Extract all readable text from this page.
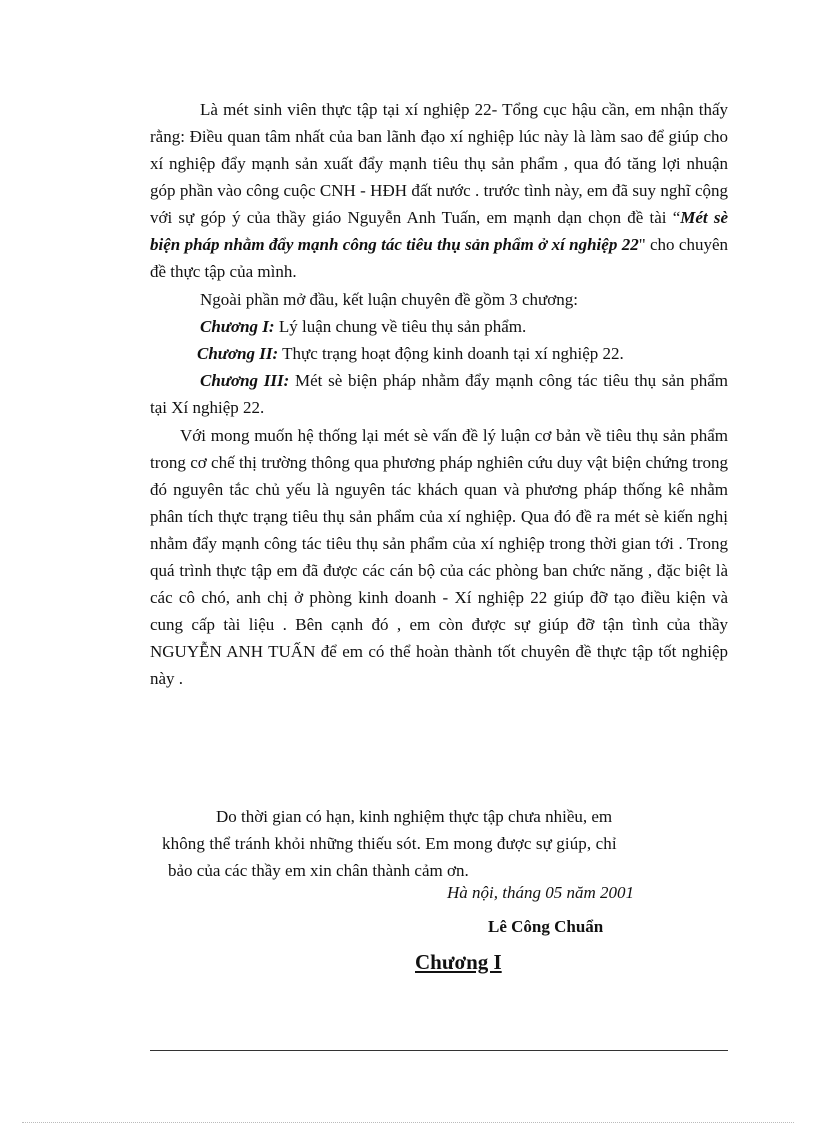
Là mét sinh viên thực tập tại xí nghiệp 22- Tổng cục hậu cần, em nhận thấy rằng: Điều quan tâm nhất của ban lãnh đạo xí nghiệp lúc này là làm sao để giúp cho xí nghiệp đẩy mạnh sản xuất đẩy mạnh tiêu thụ sản phẩm , qua đó tăng lợi nhuận góp phần vào công cuộc CNH - HĐH đất nước . trước tình này, em đã suy nghĩ cộng với sự góp ý của thầy giáo Nguyễn Anh Tuấn, em mạnh dạn chọn đề tài “Mét sè biện pháp nhằm đẩy mạnh công tác tiêu thụ sản phẩm ở xí nghiệp 22" cho chuyên đề thực tập của mình.

Ngoài phần mở đầu, kết luận chuyên đề gồm 3 chương:

Chương I: Lý luận chung về tiêu thụ sản phẩm.

Chương II: Thực trạng hoạt động kinh doanh tại xí nghiệp 22.

Chương III: Mét sè biện pháp nhằm đẩy mạnh công tác tiêu thụ sản phẩm tại Xí nghiệp 22.

Với mong muốn hệ thống lại mét sè vấn đề lý luận cơ bản về tiêu thụ sản phẩm trong cơ chế thị trường thông qua phương pháp nghiên cứu duy vật biện chứng trong đó nguyên tắc chủ yếu là nguyên tác khách quan và phương pháp thống kê nhằm phân tích thực trạng tiêu thụ sản phẩm của xí nghiệp. Qua đó đề ra mét sè kiến nghị nhằm đẩy mạnh công tác tiêu thụ sản phẩm của xí nghiệp trong thời gian tới . Trong quá trình thực tập em đã được các cán bộ của các phòng ban chức năng , đặc biệt là các cô chó, anh chị ở phòng kinh doanh - Xí nghiệp 22 giúp đỡ tạo điều kiện và cung cấp tài liệu . Bên cạnh đó , em còn được sự giúp đỡ tận tình của thầy NGUYỄN ANH TUẤN để em có thể hoàn thành tốt chuyên đề thực tập tốt nghiệp này .

Do thời gian có hạn, kinh nghiệm thực tập chưa nhiều, em
không thể tránh khỏi những thiếu sót. Em mong được sự giúp, chỉ
bảo của các thầy em xin chân thành cảm ơn.
Hà nội, tháng 05 năm 2001
Lê Công Chuẩn
Chương I
